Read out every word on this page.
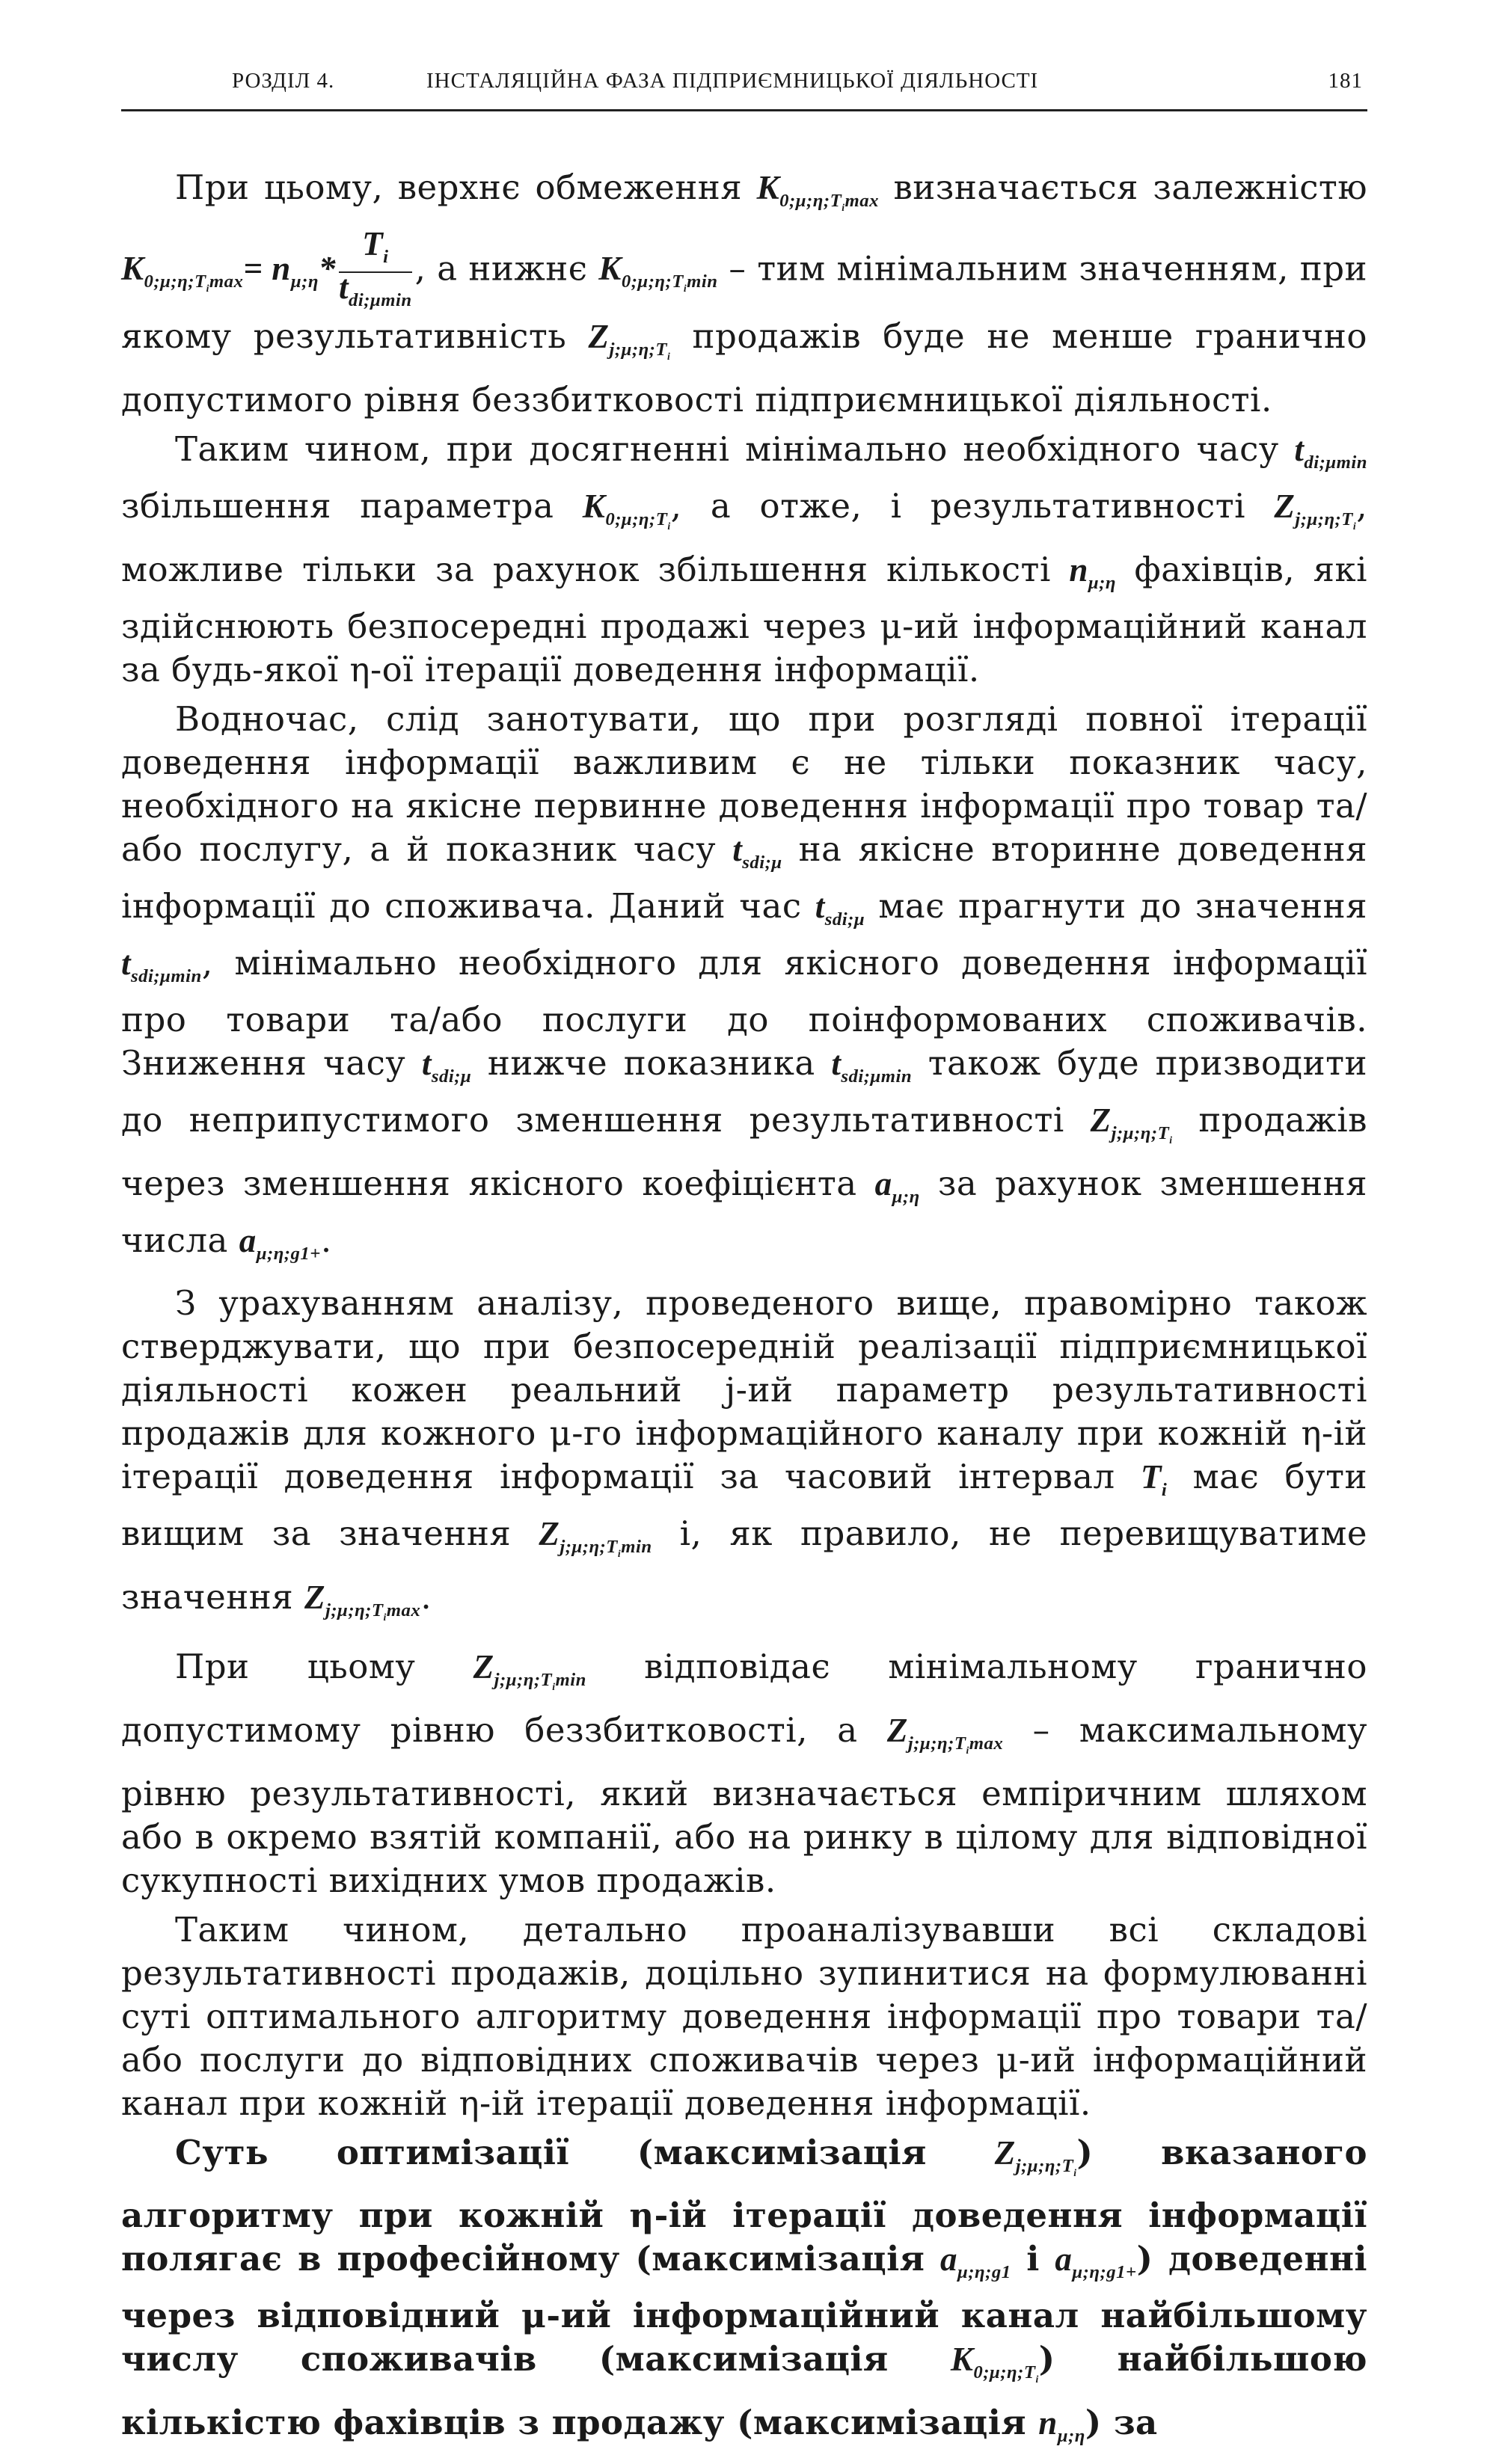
РОЗДІЛ 4.	ІНСТАЛЯЦІЙНА ФАЗА ПІДПРИЄМНИЦЬКОЇ ДІЯЛЬНОСТІ	181

При цьому, верхнє обмеження $K_{0;\mu;\eta;T_imax}$ визначається залежністю $K_{0;\mu;\eta;T_imax}= n_{\mu;\eta}* \frac{T_i}{t_{di;\mu min}}$ , а нижнє $K_{0;\mu;\eta;T_imin}$ – тим мінімальним значенням, при якому результативність $Z_{j;\mu;\eta;T_i}$ продажів буде не менше гранично допустимого рівня беззбитковості підприємницької діяльності.

Таким чином, при досягненні мінімально необхідного часу $t_{di;\mu min}$ збільшення параметра $K_{0;\mu;\eta;T_i}$, а отже, і результативності $Z_{j;\mu;\eta;T_i}$, можливе тільки за рахунок збільшення кількості $n_{\mu;\eta}$ фахівців, які здійснюють безпосередні продажі через μ-ий інформаційний канал за будь-якої η-ої ітерації доведення інформації.

Водночас, слід занотувати, що при розгляді повної ітерації доведення інформації важливим є не тільки показник часу, необхідного на якісне первинне доведення інформації про товар та/або послугу, а й показник часу $t_{sdi;\mu}$ на якісне вторинне доведення інформації до споживача. Даний час $t_{sdi;\mu}$ має прагнути до значення $t_{sdi;\mu min}$, мінімально необхідного для якісного доведення інформації про товари та/або послуги до поінформованих споживачів. Зниження часу $t_{sdi;\mu}$ нижче показника $t_{sdi;\mu min}$ також буде призводити до неприпустимого зменшення результативності $Z_{j;\mu;\eta;T_i}$ продажів через зменшення якісного коефіцієнта $a_{\mu;\eta}$ за рахунок зменшення числа $a_{\mu;\eta;g1+}$.

З урахуванням аналізу, проведеного вище, правомірно також стверджувати, що при безпосередній реалізації підприємницької діяльності кожен реальний j-ий параметр результативності продажів для кожного μ-го інформаційного каналу при кожній η-ій ітерації доведення інформації за часовий інтервал $T_i$ має бути вищим за значення $Z_{j;\mu;\eta;T_imin}$ і, як правило, не перевищуватиме значення $Z_{j;\mu;\eta;T_imax}$.

При цьому $Z_{j;\mu;\eta;T_imin}$ відповідає мінімальному гранично допустимому рівню беззбитковості, а $Z_{j;\mu;\eta;T_imax}$ – максимальному рівню результативності, який визначається емпіричним шляхом або в окремо взятій компанії, або на ринку в цілому для відповідної сукупності вихідних умов продажів.

Таким чином, детально проаналізувавши всі складові результативності продажів, доцільно зупинитися на формулюванні суті оптимального алгоритму доведення інформації про товари та/або послуги до відповідних споживачів через μ-ий інформаційний канал при кожній η-ій ітерації доведення інформації.

Суть оптимізації (максимізація $Z_{j;\mu;\eta;T_i}$) вказаного алгоритму при кожній η-ій ітерації доведення інформації полягає в професійному (максимізація $a_{\mu;\eta;g1}$ і $a_{\mu;\eta;g1+}$) доведенні через відповідний μ-ий інформаційний канал найбільшому числу споживачів (максимізація $K_{0;\mu;\eta;T_i}$) найбільшою кількістю фахівців з продажу (максимізація $n_{\mu;\eta}$) за
